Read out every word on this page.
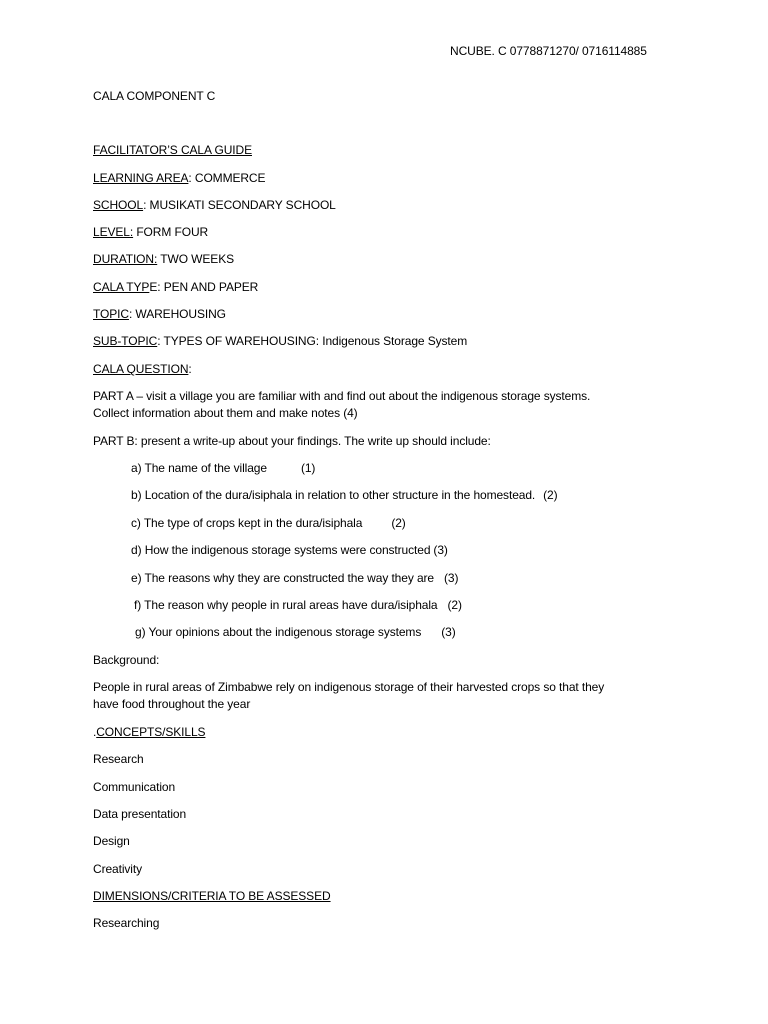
NCUBE. C 0778871270/ 0716114885
CALA COMPONENT C
FACILITATOR’S CALA GUIDE
LEARNING AREA: COMMERCE
SCHOOL: MUSIKATI SECONDARY SCHOOL
LEVEL: FORM FOUR
DURATION: TWO WEEKS
CALA TYPE: PEN AND PAPER
TOPIC: WAREHOUSING
SUB-TOPIC: TYPES OF WAREHOUSING: Indigenous Storage System
CALA QUESTION:
PART A – visit a village you are familiar with and find out about the indigenous storage systems.
Collect information about them and make notes (4)
PART B: present a write-up about your findings. The write up should include:
a) The name of the village	(1)
b) Location of the dura/isiphala in relation to other structure in the homestead. (2)
c) The type of crops kept in the dura/isiphala (2)
d) How the indigenous storage systems were constructed (3)
e) The reasons why they are constructed the way they are (3)
f) The reason why people in rural areas have dura/isiphala (2)
g) Your opinions about the indigenous storage systems (3)
Background:
People in rural areas of Zimbabwe rely on indigenous storage of their harvested crops so that they
have food throughout the year
.CONCEPTS/SKILLS
Research
Communication
Data presentation
Design
Creativity
DIMENSIONS/CRITERIA TO BE ASSESSED
Researching
